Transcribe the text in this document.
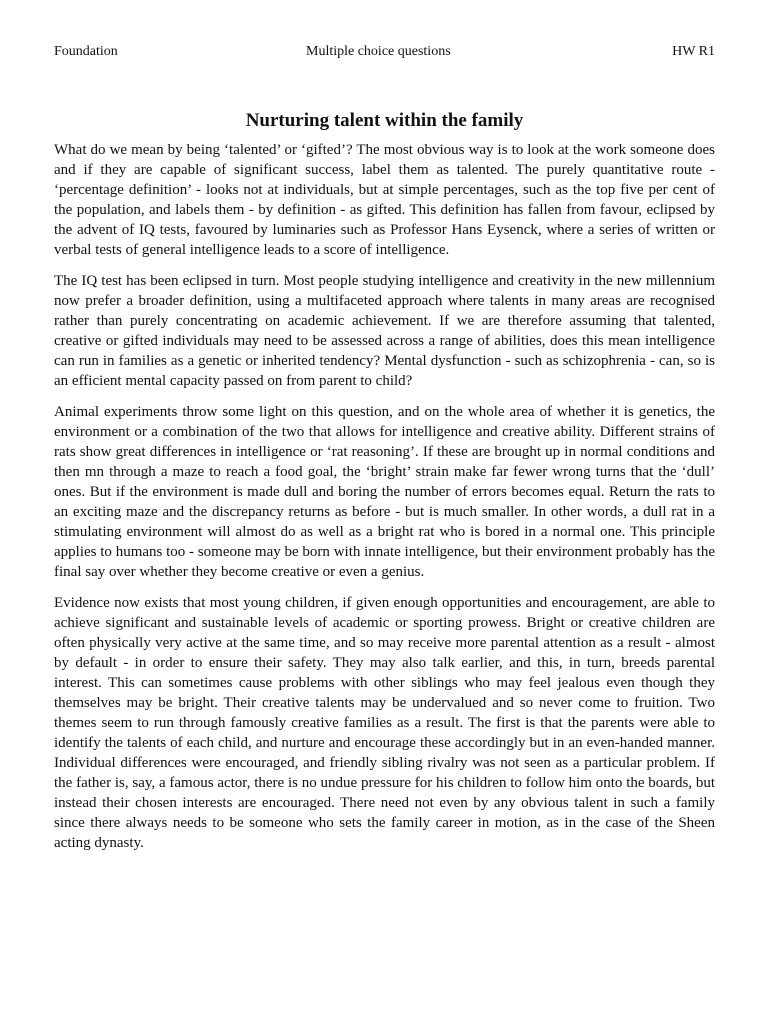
Foundation	Multiple choice questions	HW R1
Nurturing talent within the family

What do we mean by being ‘talented’ or ‘gifted’? The most obvious way is to look at the work someone does and if they are capable of significant success, label them as talented. The purely quantitative route - ‘percentage definition’ - looks not at individuals, but at simple percentages, such as the top five per cent of the population, and labels them - by definition - as gifted. This definition has fallen from favour, eclipsed by the advent of IQ tests, favoured by luminaries such as Professor Hans Eysenck, where a series of written or verbal tests of general intelligence leads to a score of intelligence.

The IQ test has been eclipsed in turn. Most people studying intelligence and creativity in the new millennium now prefer a broader definition, using a multifaceted approach where talents in many areas are recognised rather than purely concentrating on academic achievement. If we are therefore assuming that talented, creative or gifted individuals may need to be assessed across a range of abilities, does this mean intelligence can run in families as a genetic or inherited tendency? Mental dysfunction - such as schizophrenia - can, so is an efficient mental capacity passed on from parent to child?

Animal experiments throw some light on this question, and on the whole area of whether it is genetics, the environment or a combination of the two that allows for intelligence and creative ability. Different strains of rats show great differences in intelligence or ‘rat reasoning’. If these are brought up in normal conditions and then mn through a maze to reach a food goal, the ‘bright’ strain make far fewer wrong turns that the ‘dull’ ones. But if the environment is made dull and boring the number of errors becomes equal. Return the rats to an exciting maze and the discrepancy returns as before - but is much smaller. In other words, a dull rat in a stimulating environment will almost do as well as a bright rat who is bored in a normal one. This principle applies to humans too - someone may be born with innate intelligence, but their environment probably has the final say over whether they become creative or even a genius.

Evidence now exists that most young children, if given enough opportunities and encouragement, are able to achieve significant and sustainable levels of academic or sporting prowess. Bright or creative children are often physically very active at the same time, and so may receive more parental attention as a result - almost by default - in order to ensure their safety. They may also talk earlier, and this, in turn, breeds parental interest. This can sometimes cause problems with other siblings who may feel jealous even though they themselves may be bright. Their creative talents may be undervalued and so never come to fruition. Two themes seem to run through famously creative families as a result. The first is that the parents were able to identify the talents of each child, and nurture and encourage these accordingly but in an even-handed manner. Individual differences were encouraged, and friendly sibling rivalry was not seen as a particular problem. If the father is, say, a famous actor, there is no undue pressure for his children to follow him onto the boards, but instead their chosen interests are encouraged. There need not even by any obvious talent in such a family since there always needs to be someone who sets the family career in motion, as in the case of the Sheen acting dynasty.
